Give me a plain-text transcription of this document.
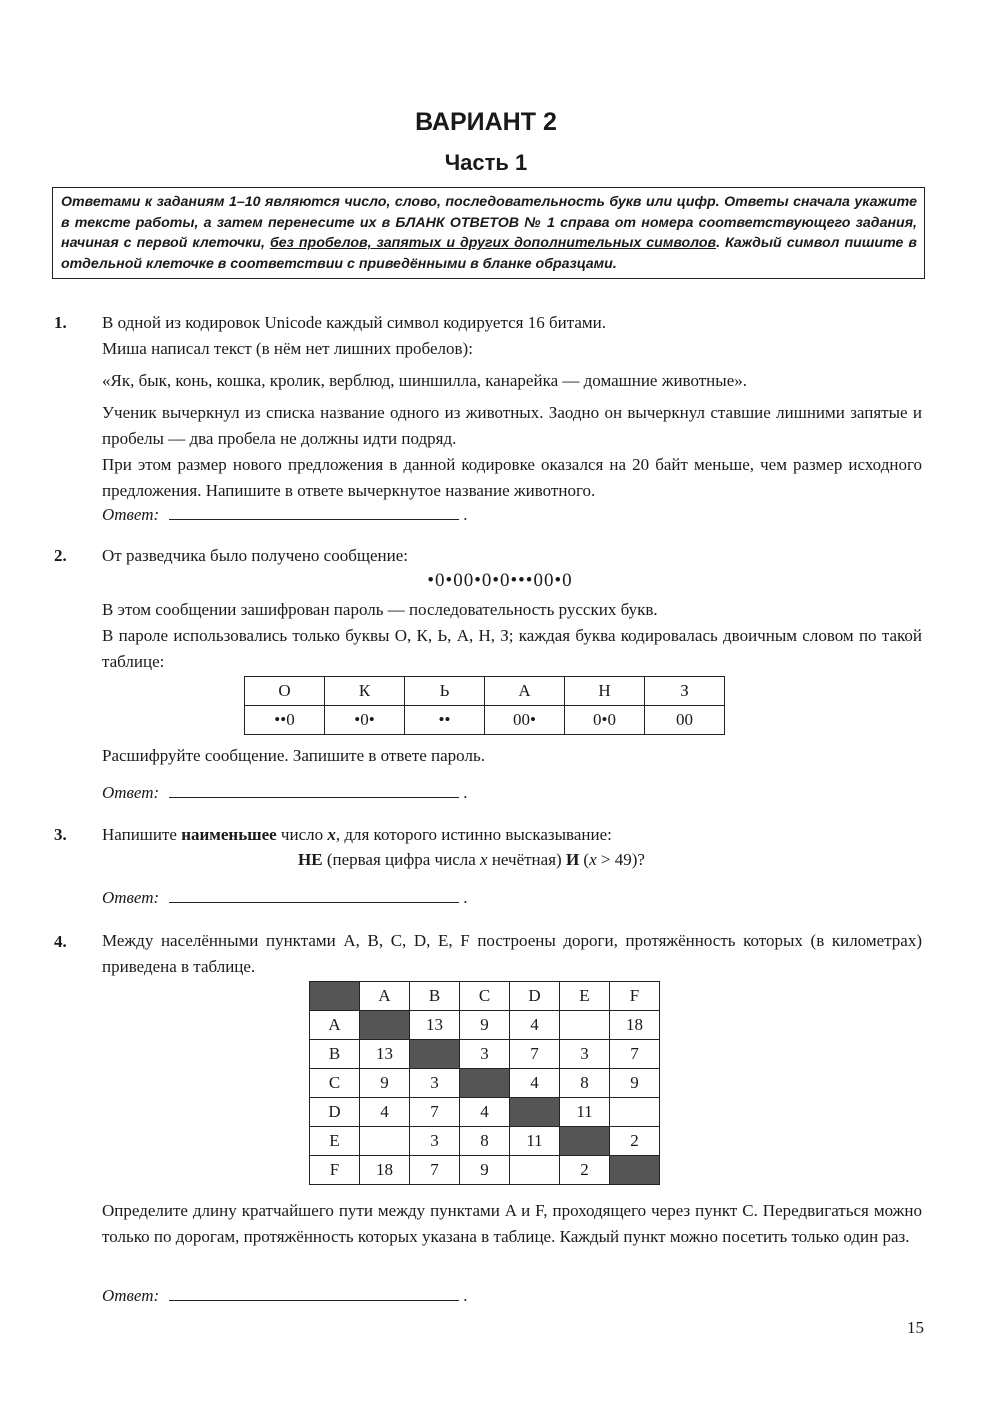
ВАРИАНТ 2
Часть 1
Ответами к заданиям 1–10 являются число, слово, последовательность букв или цифр. Ответы сначала укажите в тексте работы, а затем перенесите их в БЛАНК ОТВЕТОВ № 1 справа от номера соответствующего задания, начиная с первой клеточки, без пробелов, запятых и других дополнительных символов. Каждый символ пишите в отдельной клеточке в соответствии с приведёнными в бланке образцами.
1. В одной из кодировок Unicode каждый символ кодируется 16 битами.
Миша написал текст (в нём нет лишних пробелов):
«Як, бык, конь, кошка, кролик, верблюд, шиншилла, канарейка — домашние животные».
Ученик вычеркнул из списка название одного из животных. Заодно он вычеркнул ставшие лишними запятые и пробелы — два пробела не должны идти подряд.
При этом размер нового предложения в данной кодировке оказался на 20 байт меньше, чем размер исходного предложения. Напишите в ответе вычеркнутое название животного.
Ответ:	.
2. От разведчика было получено сообщение:
•0•00•0•0•••00•0
В этом сообщении зашифрован пароль — последовательность русских букв.
В пароле использовались только буквы О, К, Ь, А, Н, З; каждая буква кодировалась двоичным словом по такой таблице:
О	К	Ь	А	Н	З
••0	•0•	••	00•	0•0	00
Расшифруйте сообщение. Запишите в ответе пароль.
Ответ:	.
3. Напишите наименьшее число x, для которого истинно высказывание:
НЕ (первая цифра числа x нечётная) И (x > 49)?
Ответ:	.
4. Между населёнными пунктами A, B, C, D, E, F построены дороги, протяжённость которых (в километрах) приведена в таблице.
	A	B	C	D	E	F
A		13	9	4		18
B	13		3	7	3	7
C	9	3		4	8	9
D	4	7	4		11	
E		3	8	11		2
F	18	7	9		2	
Определите длину кратчайшего пути между пунктами A и F, проходящего через пункт C. Передвигаться можно только по дорогам, протяжённость которых указана в таблице. Каждый пункт можно посетить только один раз.
Ответ:	.
15
